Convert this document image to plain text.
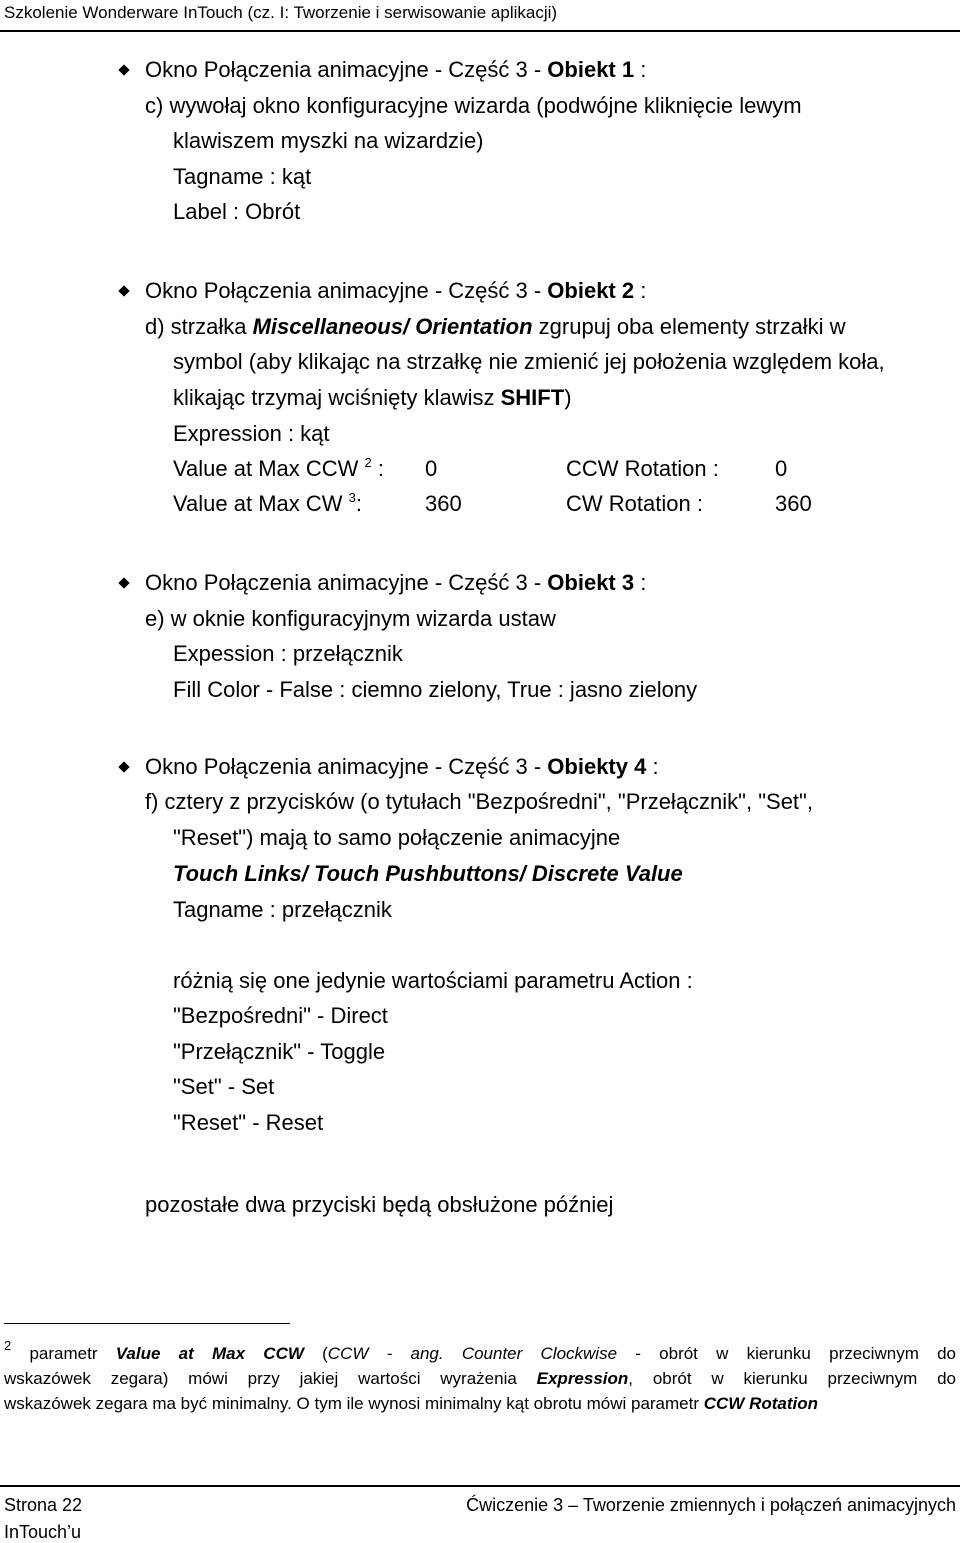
Szkolenie Wonderware InTouch (cz. I: Tworzenie i serwisowanie aplikacji)
Okno Połączenia animacyjne - Część 3 - Obiekt 1 :
c) wywołaj okno konfiguracyjne wizarda (podwójne kliknięcie lewym
klawiszem myszki na wizardzie)
Tagname : kąt
Label : Obrót
Okno Połączenia animacyjne - Część 3 - Obiekt 2 :
d) strzałka Miscellaneous/ Orientation zgrupuj oba elementy strzałki w
symbol (aby klikając na strzałkę nie zmienić jej położenia względem koła,
klikając trzymaj wciśnięty klawisz SHIFT)
Expression : kąt
Value at Max CCW $^2$ : 0	CCW Rotation :	0
Value at Max CW $^3$:	360	CW Rotation :	360
Okno Połączenia animacyjne - Część 3 - Obiekt 3 :
e) w oknie konfiguracyjnym wizarda ustaw
Expession : przełącznik
Fill Color - False : ciemno zielony, True : jasno zielony
Okno Połączenia animacyjne - Część 3 - Obiekty 4 :
f) cztery z przycisków (o tytułach "Bezpośredni", "Przełącznik", "Set",
"Reset") mają to samo połączenie animacyjne
Touch Links/ Touch Pushbuttons/ Discrete Value
Tagname : przełącznik
różnią się one jedynie wartościami parametru Action :
"Bezpośredni" - Direct
"Przełącznik" - Toggle
"Set" - Set
"Reset" - Reset
pozostałe dwa przyciski będą obsłużone później
$^2$ parametr Value at Max CCW (CCW - ang. Counter Clockwise - obrót w kierunku przeciwnym do
wskazówek zegara) mówi przy jakiej wartości wyrażenia Expression, obrót w kierunku przeciwnym do
wskazówek zegara ma być minimalny. O tym ile wynosi minimalny kąt obrotu mówi parametr CCW Rotation
Strona 22
InTouch’u
Ćwiczenie 3 – Tworzenie zmiennych i połączeń animacyjnych
